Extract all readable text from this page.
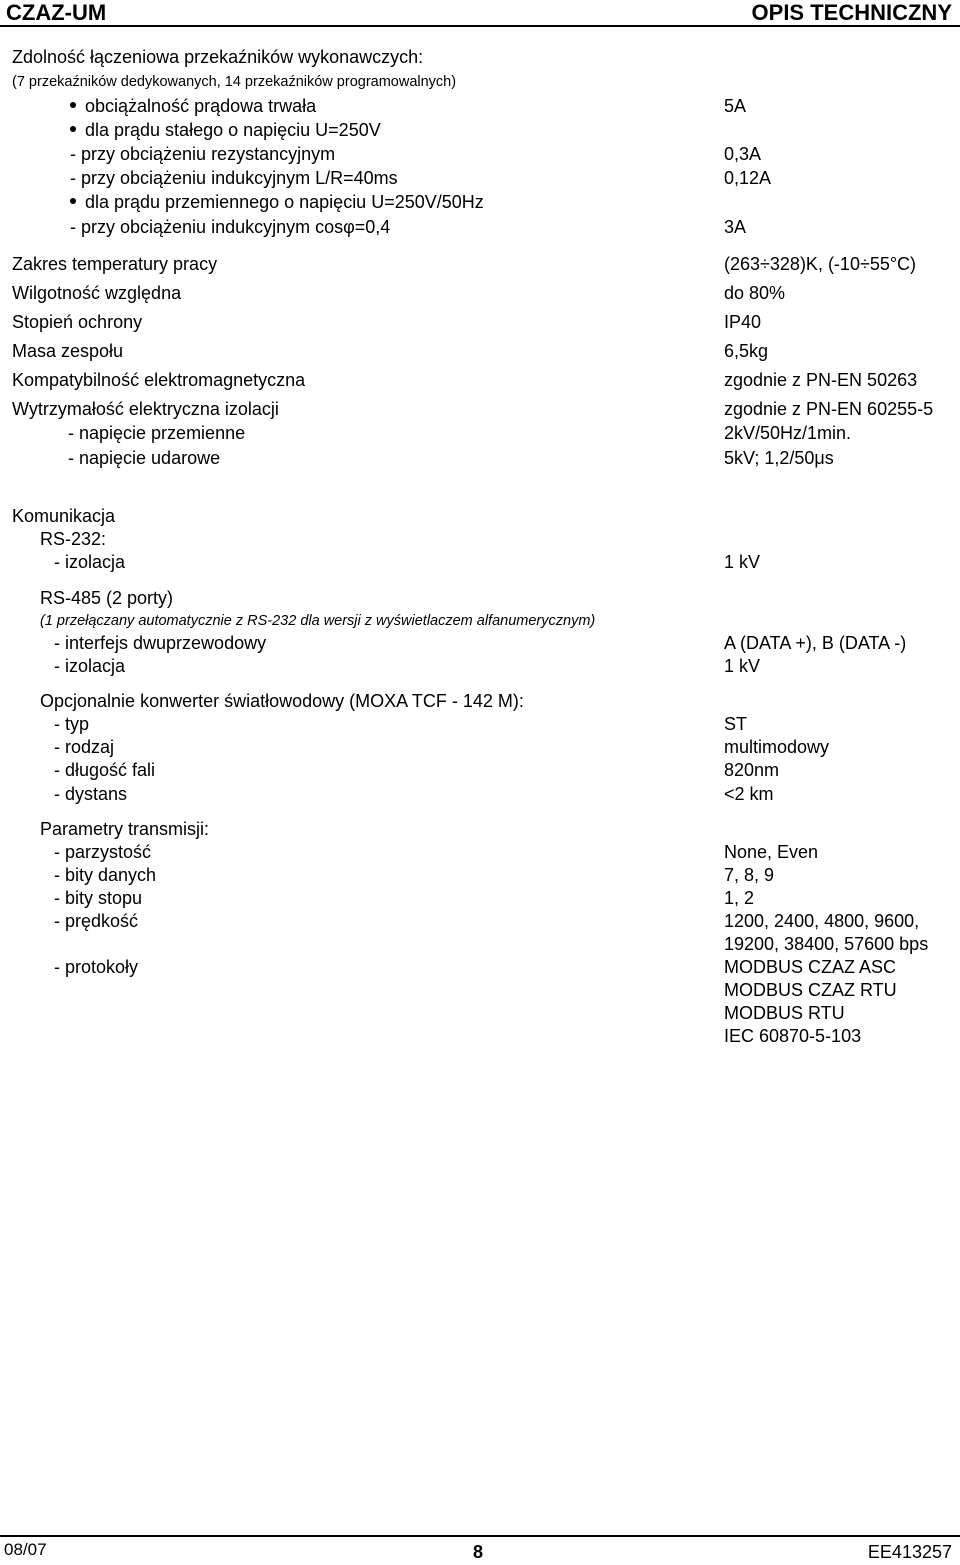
CZAZ-UM	OPIS TECHNICZNY
Zdolność łączeniowa przekaźników wykonawczych:
(7 przekaźników dedykowanych, 14 przekaźników programowalnych)
obciążalność prądowa trwała	5A
dla prądu stałego o napięciu U=250V
- przy obciążeniu rezystancyjnym	0,3A
- przy obciążeniu indukcyjnym L/R=40ms	0,12A
dla prądu przemiennego o napięciu U=250V/50Hz
- przy obciążeniu indukcyjnym cosφ=0,4	3A
Zakres temperatury pracy	(263÷328)K, (-10÷55°C)
Wilgotność względna	do 80%
Stopień ochrony	IP40
Masa zespołu	6,5kg
Kompatybilność elektromagnetyczna	zgodnie z PN-EN 50263
Wytrzymałość elektryczna izolacji	zgodnie z PN-EN 60255-5
- napięcie przemienne	2kV/50Hz/1min.
- napięcie udarowe	5kV; 1,2/50μs
Komunikacja
RS-232:
- izolacja	1 kV
RS-485 (2 porty)
(1 przełączany automatycznie z RS-232 dla wersji z wyświetlaczem alfanumerycznym)
- interfejs dwuprzewodowy	A (DATA +), B (DATA -)
- izolacja	1 kV
Opcjonalnie konwerter światłowodowy (MOXA TCF - 142 M):
- typ	ST
- rodzaj	multimodowy
- długość fali	820nm
- dystans	<2 km
Parametry transmisji:
- parzystość	None, Even
- bity danych	7, 8, 9
- bity stopu	1, 2
- prędkość	1200, 2400, 4800, 9600,
19200, 38400, 57600 bps
- protokoły	MODBUS CZAZ ASC
MODBUS CZAZ RTU
MODBUS RTU
IEC 60870-5-103
08/07	8	EE413257
